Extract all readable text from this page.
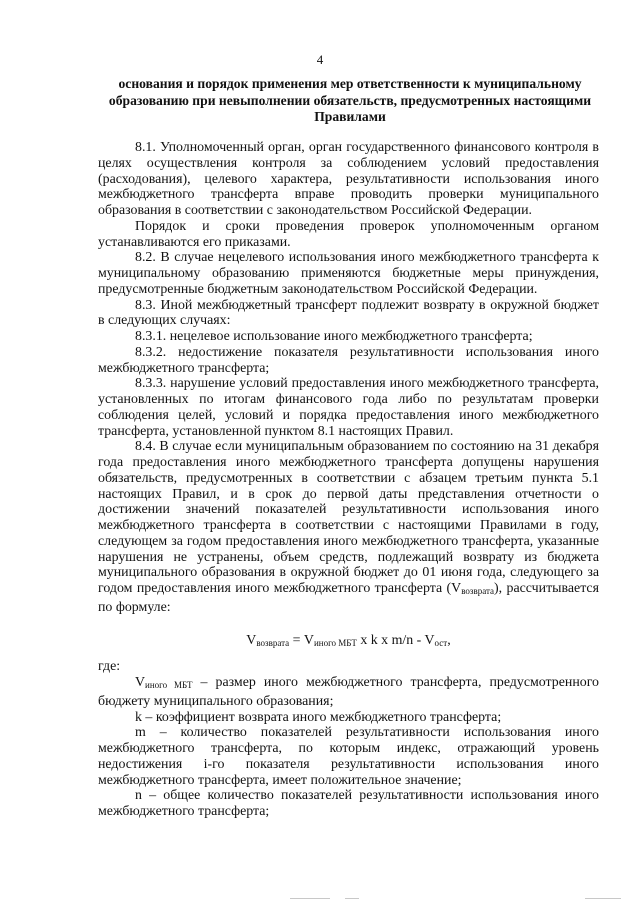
4
основания и порядок применения мер ответственности к муниципальному образованию при невыполнении обязательств, предусмотренных настоящими Правилами

8.1. Уполномоченный орган, орган государственного финансового контроля в целях осуществления контроля за соблюдением условий предоставления (расходования), целевого характера, результативности использования иного межбюджетного трансферта вправе проводить проверки муниципального образования в соответствии с законодательством Российской Федерации.

Порядок и сроки проведения проверок уполномоченным органом устанавливаются его приказами.

8.2. В случае нецелевого использования иного межбюджетного трансферта к муниципальному образованию применяются бюджетные меры принуждения, предусмотренные бюджетным законодательством Российской Федерации.

8.3. Иной межбюджетный трансферт подлежит возврату в окружной бюджет в следующих случаях:

8.3.1. нецелевое использование иного межбюджетного трансферта;

8.3.2. недостижение показателя результативности использования иного межбюджетного трансферта;

8.3.3. нарушение условий предоставления иного межбюджетного трансферта, установленных по итогам финансового года либо по результатам проверки соблюдения целей, условий и порядка предоставления иного межбюджетного трансферта, установленной пунктом 8.1 настоящих Правил.

8.4. В случае если муниципальным образованием по состоянию на 31 декабря года предоставления иного межбюджетного трансферта допущены нарушения обязательств, предусмотренных в соответствии с абзацем третьим пункта 5.1 настоящих Правил, и в срок до первой даты представления отчетности о достижении значений показателей результативности использования иного межбюджетного трансферта в соответствии с настоящими Правилами в году, следующем за годом предоставления иного межбюджетного трансферта, указанные нарушения не устранены, объем средств, подлежащий возврату из бюджета муниципального образования в окружной бюджет до 01 июня года, следующего за годом предоставления иного межбюджетного трансферта $(V_{возврата})$, рассчитывается по формуле:

$V_{возврата} = V_{иного МБТ}$ x k x $m/n - V_{ост}$,

где:

$V_{иного МБТ}$ – размер иного межбюджетного трансферта, предусмотренного бюджету муниципального образования;

k – коэффициент возврата иного межбюджетного трансферта;

m – количество показателей результативности использования иного межбюджетного трансферта, по которым индекс, отражающий уровень недостижения i-го показателя результативности использования иного межбюджетного трансферта, имеет положительное значение;

n – общее количество показателей результативности использования иного межбюджетного трансферта;
